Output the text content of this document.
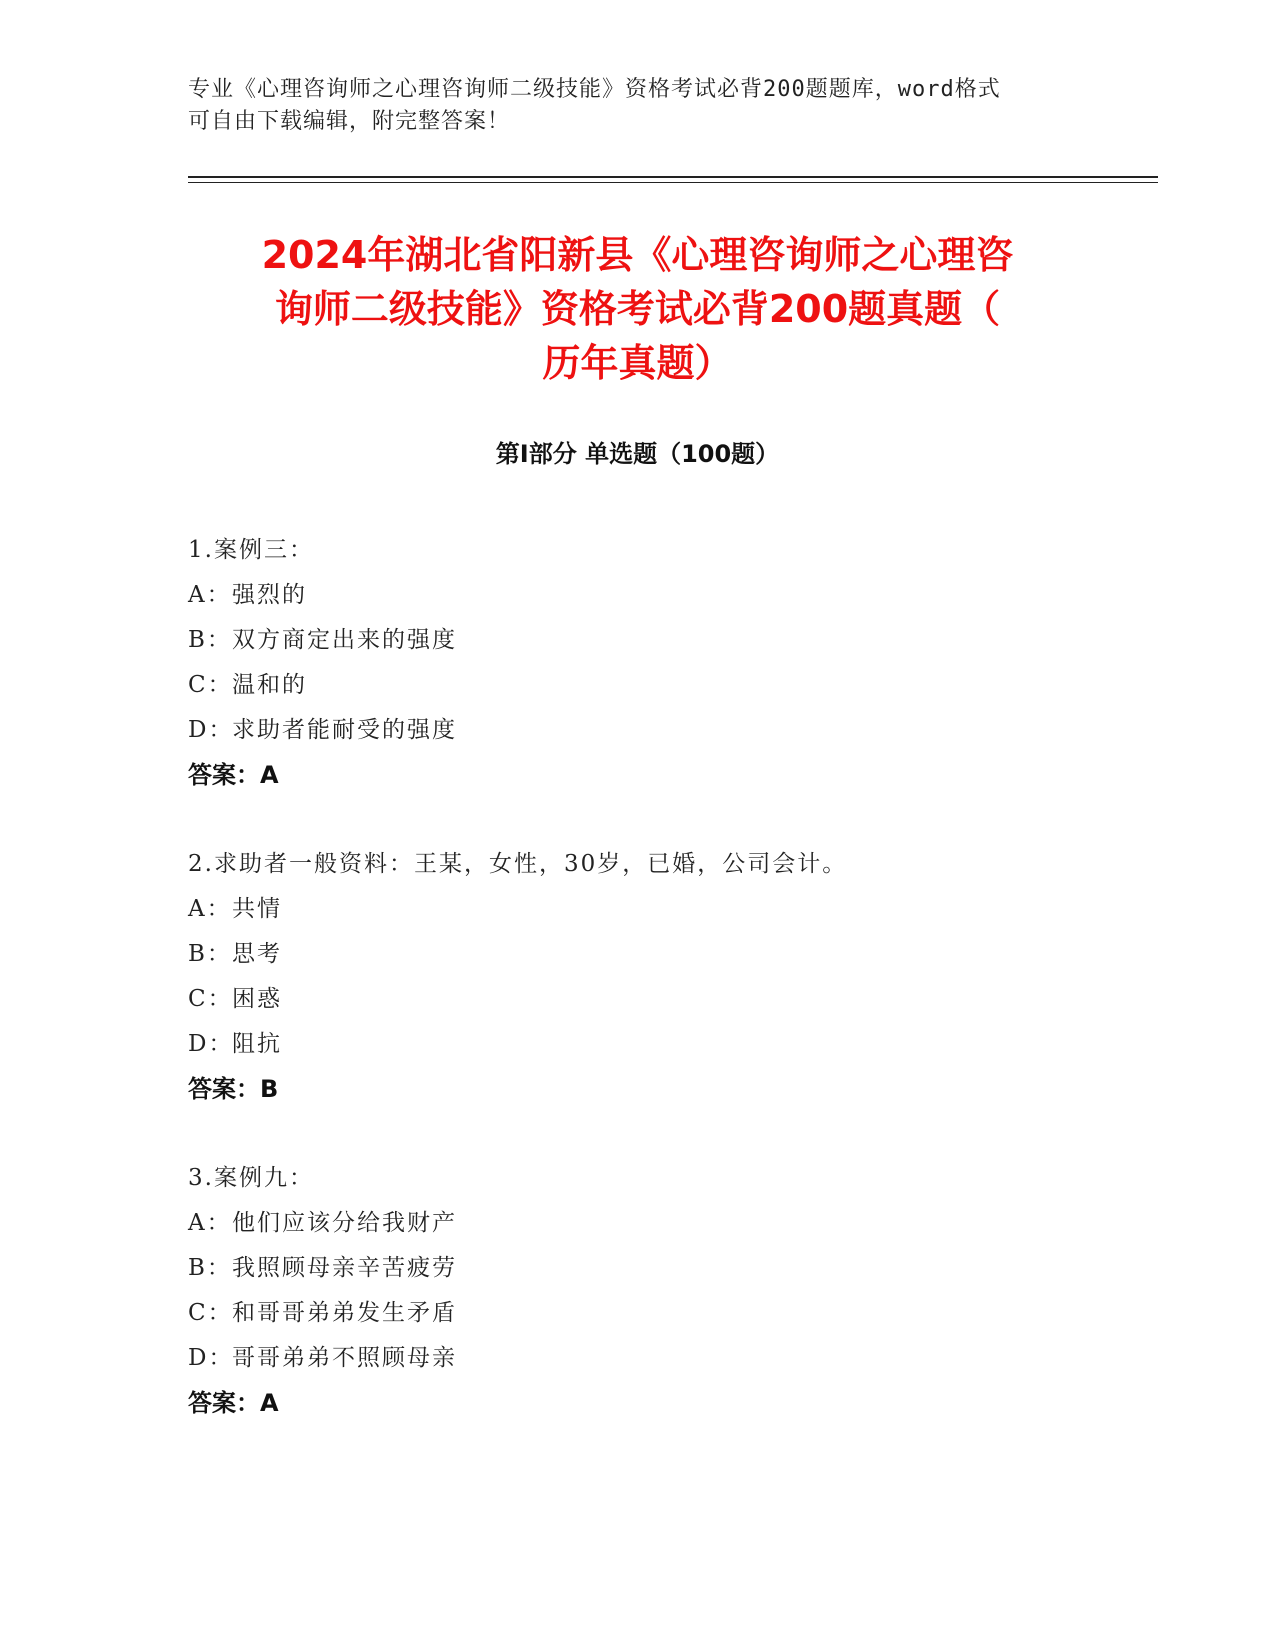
专业《心理咨询师之心理咨询师二级技能》资格考试必背200题题库，word格式
可自由下载编辑，附完整答案！
2024年湖北省阳新县《心理咨询师之心理咨
询师二级技能》资格考试必背200题真题（
历年真题）
第Ⅰ部分 单选题（100题）
1.案例三：
A：强烈的
B：双方商定出来的强度
C：温和的
D：求助者能耐受的强度
答案：A
2.求助者一般资料：王某，女性，30岁，已婚，公司会计。
A：共情
B：思考
C：困惑
D：阻抗
答案：B
3.案例九：
A：他们应该分给我财产
B：我照顾母亲辛苦疲劳
C：和哥哥弟弟发生矛盾
D：哥哥弟弟不照顾母亲
答案：A
